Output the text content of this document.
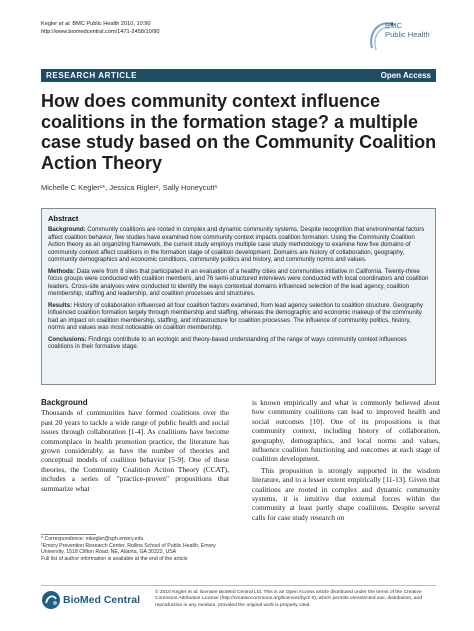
Kegler et al. BMC Public Health 2010, 10:90
http://www.biomedcentral.com/1471-2458/10/90
BMC
Public Health
RESEARCH ARTICLE	Open Access
How does community context influence coalitions in the formation stage? a multiple case study based on the Community Coalition Action Theory
Michelle C Kegler¹*, Jessica Rigler², Sally Honeycutt¹
Abstract

Background: Community coalitions are rooted in complex and dynamic community systems. Despite recognition that environmental factors affect coalition behavior, few studies have examined how community context impacts coalition formation. Using the Community Coalition Action theory as an organizing framework, the current study employs multiple case study methodology to examine how five domains of community context affect coalitions in the formation stage of coalition development. Domains are history of collaboration, geography, community demographics and economic conditions, community politics and history, and community norms and values.

Methods: Data were from 8 sites that participated in an evaluation of a healthy cities and communities initiative in California. Twenty-three focus groups were conducted with coalition members, and 76 semi-structured interviews were conducted with local coordinators and coalition leaders. Cross-site analyses were conducted to identify the ways contextual domains influenced selection of the lead agency, coalition membership, staffing and leadership, and coalition processes and structures.

Results: History of collaboration influenced all four coalition factors examined, from lead agency selection to coalition structure. Geography influenced coalition formation largely through membership and staffing, whereas the demographic and economic makeup of the community had an impact on coalition membership, staffing, and infrastructure for coalition processes. The influence of community politics, history, norms and values was most noticeable on coalition membership.

Conclusions: Findings contribute to an ecologic and theory-based understanding of the range of ways community context influences coalitions in their formative stage.

Background

Thousands of communities have formed coalitions over the past 20 years to tackle a wide range of public health and social issues through collaboration [1-4]. As coalitions have become commonplace in health promotion practice, the literature has grown considerably, as have the number of theories and conceptual models of coalition behavior [5-9]. One of these theories, the Community Coalition Action Theory (CCAT), includes a series of "practice-proven" propositions that summarize what

is known empirically and what is commonly believed about how community coalitions can lead to improved health and social outcomes [10]. One of its propositions is that community context, including history of collaboration, geography, demographics, and local norms and values, influence coalition functioning and outcomes at each stage of coalition development.

This proposition is strongly supported in the wisdom literature, and to a lesser extent empirically [11-13]. Given that coalitions are rooted in complex and dynamic community systems, it is intuitive that external forces within the community at least partly shape coalitions. Despite several calls for case study research on

* Correspondence: mkegler@sph.emory.edu
¹Emory Prevention Research Center, Rollins School of Public Health, Emory University, 1518 Clifton Road, NE, Atlanta, GA 30322, USA
Full list of author information is available at the end of the article
BioMed Central
© 2010 Kegler et al; licensee BioMed Central Ltd. This is an Open Access article distributed under the terms of the Creative Commons Attribution License (http://creativecommons.org/licenses/by/2.0), which permits unrestricted use, distribution, and reproduction in any medium, provided the original work is properly cited.
